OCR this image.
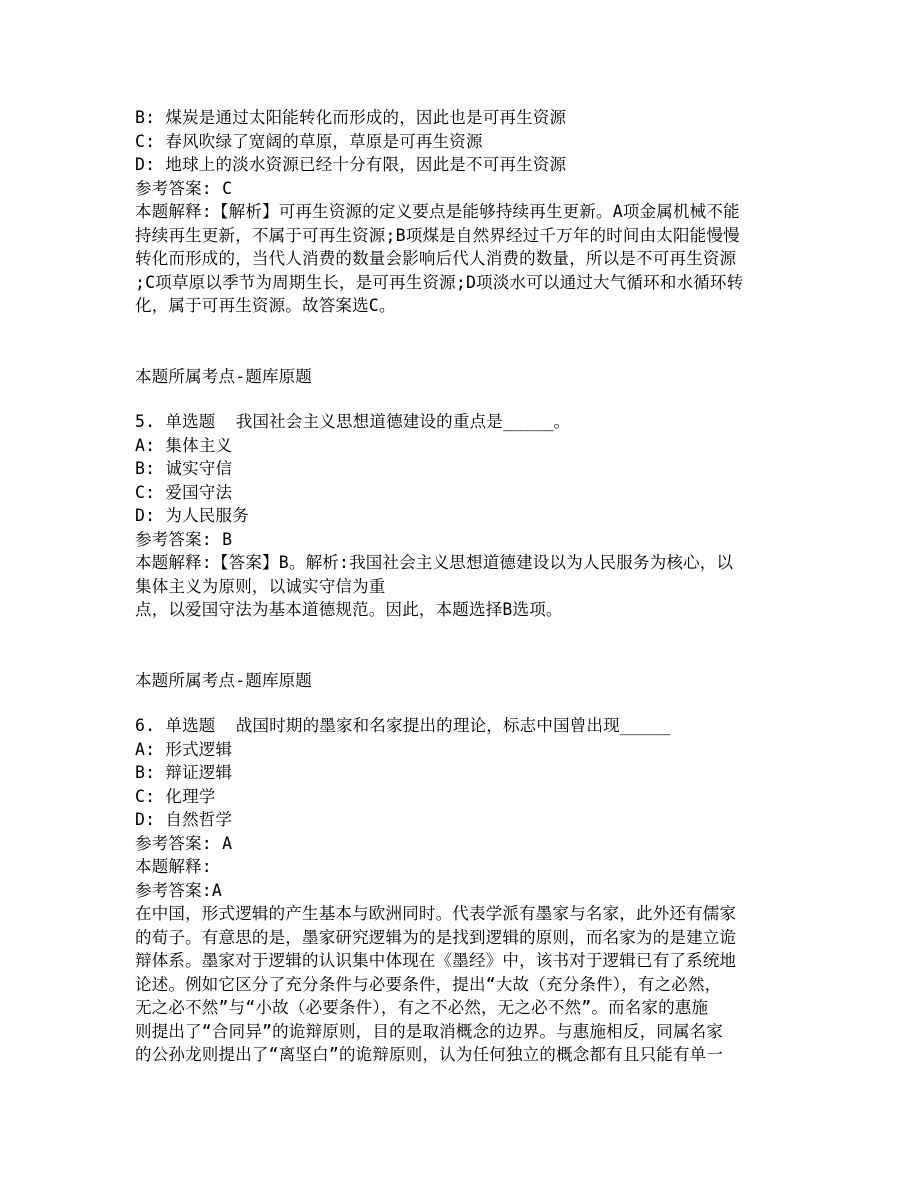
B: 煤炭是通过太阳能转化而形成的，因此也是可再生资源
C: 春风吹绿了宽阔的草原，草原是可再生资源
D: 地球上的淡水资源已经十分有限，因此是不可再生资源
参考答案: C
本题解释:【解析】可再生资源的定义要点是能够持续再生更新。A项金属机械不能
持续再生更新，不属于可再生资源;B项煤是自然界经过千万年的时间由太阳能慢慢
转化而形成的，当代人消费的数量会影响后代人消费的数量，所以是不可再生资源
;C项草原以季节为周期生长，是可再生资源;D项淡水可以通过大气循环和水循环转
化，属于可再生资源。故答案选C。
本题所属考点-题库原题
5. 单选题  我国社会主义思想道德建设的重点是_____。
A: 集体主义
B: 诚实守信
C: 爱国守法
D: 为人民服务
参考答案: B
本题解释:【答案】B。解析:我国社会主义思想道德建设以为人民服务为核心，以
集体主义为原则，以诚实守信为重
点，以爱国守法为基本道德规范。因此，本题选择B选项。
本题所属考点-题库原题
6. 单选题  战国时期的墨家和名家提出的理论，标志中国曾出现_____
A: 形式逻辑
B: 辩证逻辑
C: 化理学
D: 自然哲学
参考答案: A
本题解释:
参考答案:A
在中国，形式逻辑的产生基本与欧洲同时。代表学派有墨家与名家，此外还有儒家
的荀子。有意思的是，墨家研究逻辑为的是找到逻辑的原则，而名家为的是建立诡
辩体系。墨家对于逻辑的认识集中体现在《墨经》中，该书对于逻辑已有了系统地
论述。例如它区分了充分条件与必要条件，提出“大故（充分条件），有之必然，
无之必不然”与“小故（必要条件），有之不必然，无之必不然”。而名家的惠施
则提出了“合同异”的诡辩原则，目的是取消概念的边界。与惠施相反，同属名家
的公孙龙则提出了“离坚白”的诡辩原则，认为任何独立的概念都有且只能有单一
